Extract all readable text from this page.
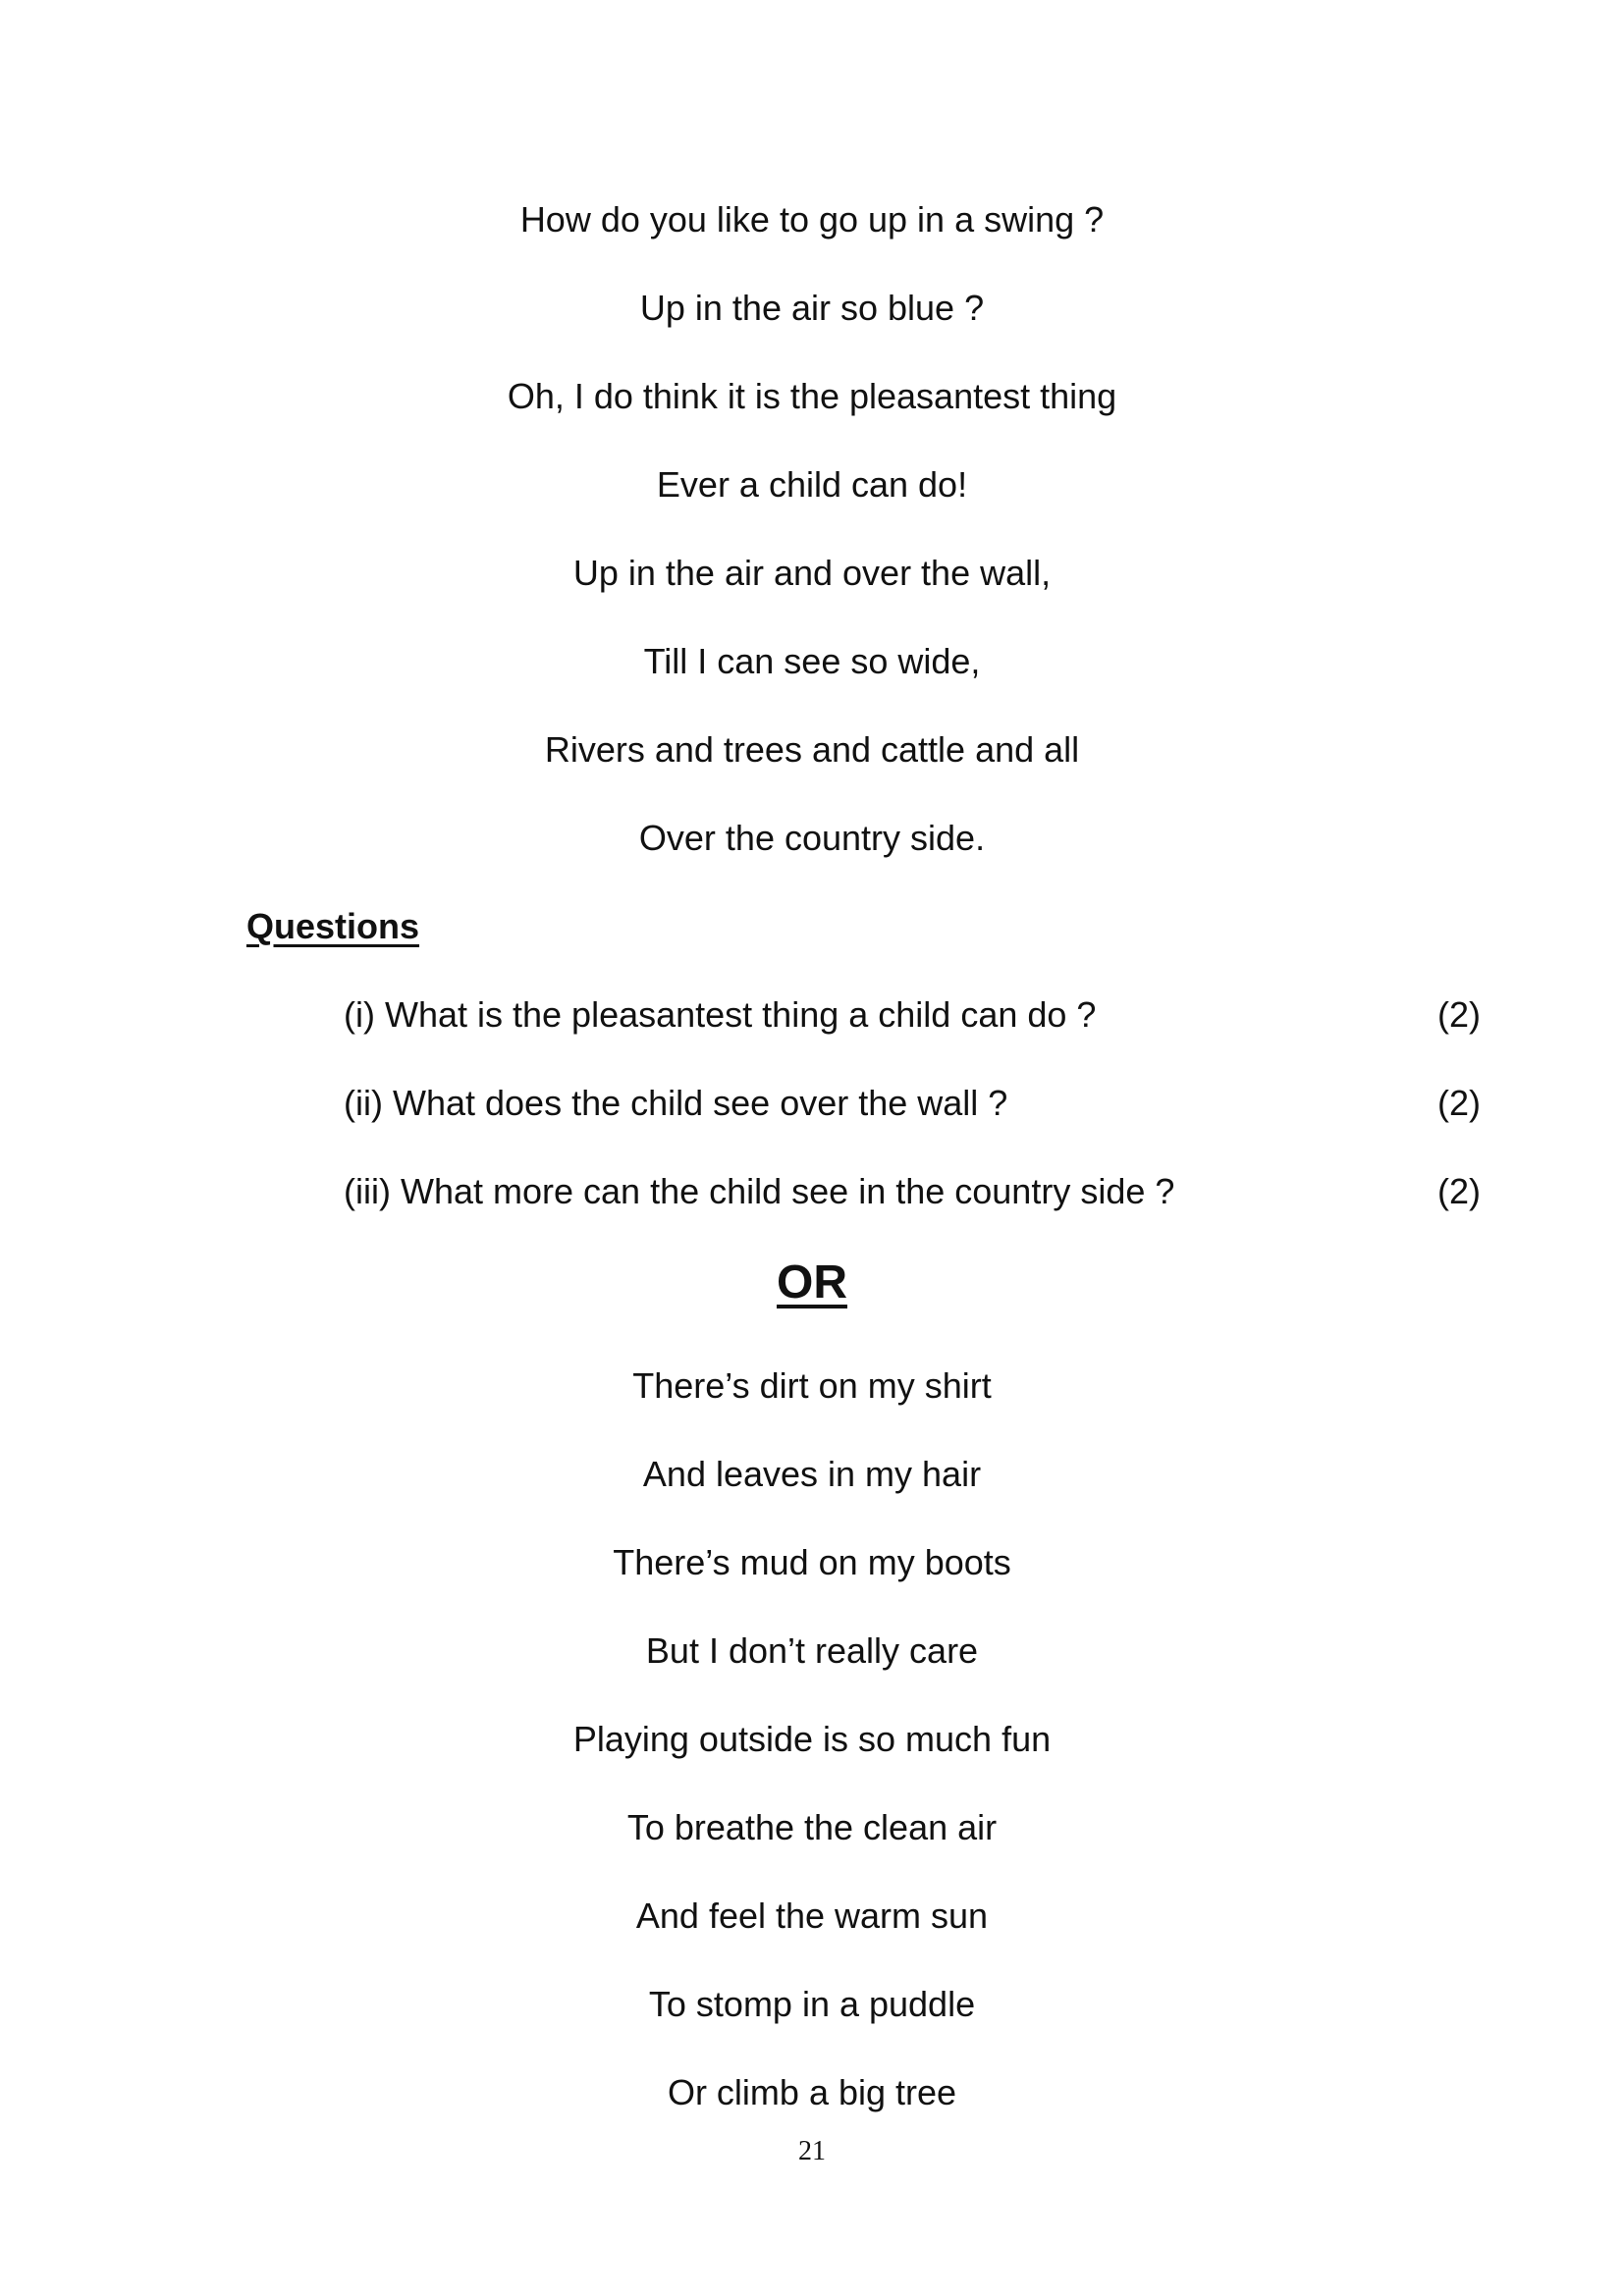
How do you like to go up in a swing ?
Up in the air so blue ?
Oh, I do think it is the pleasantest thing
Ever a child can do!
Up in the air and over the wall,
Till I can see so wide,
Rivers and trees and cattle and all
Over the country side.
Questions
(i) What is the pleasantest thing a child can do ?	(2)
(ii) What does the child see over the wall ?	(2)
(iii) What more can the child see in the country side ?	(2)
OR
There’s dirt on my shirt
And leaves in my hair
There’s mud on my boots
But I don’t really care
Playing outside is so much fun
To breathe the clean air
And feel the warm sun
To stomp in a puddle
Or climb a big tree
21
